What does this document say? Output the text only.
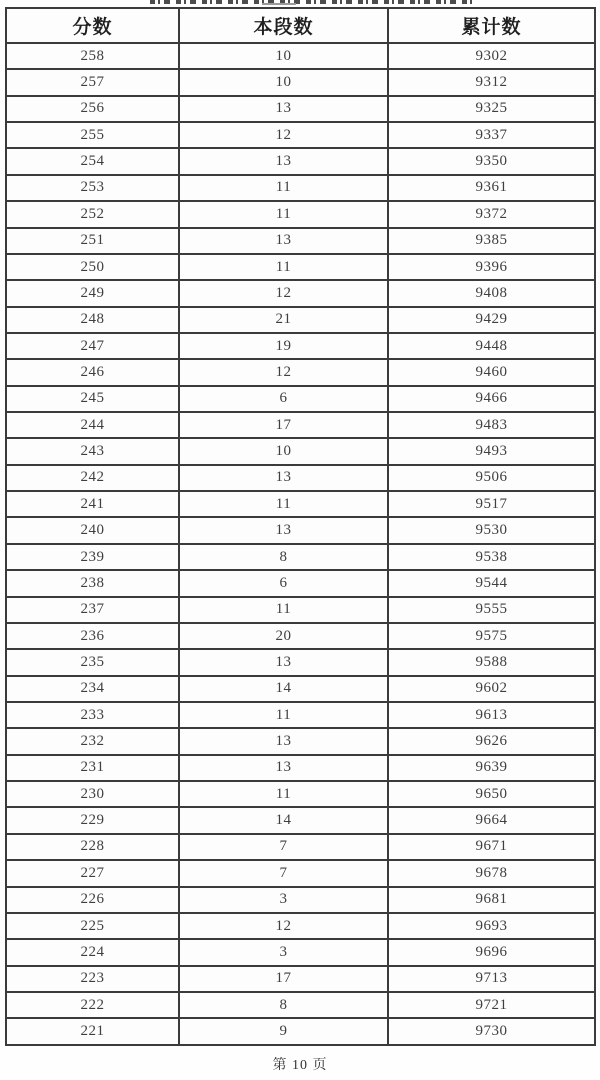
分数	本段数	累计数
258	10	9302
257	10	9312
256	13	9325
255	12	9337
254	13	9350
253	11	9361
252	11	9372
251	13	9385
250	11	9396
249	12	9408
248	21	9429
247	19	9448
246	12	9460
245	6	9466
244	17	9483
243	10	9493
242	13	9506
241	11	9517
240	13	9530
239	8	9538
238	6	9544
237	11	9555
236	20	9575
235	13	9588
234	14	9602
233	11	9613
232	13	9626
231	13	9639
230	11	9650
229	14	9664
228	7	9671
227	7	9678
226	3	9681
225	12	9693
224	3	9696
223	17	9713
222	8	9721
221	9	9730
第 10 页
